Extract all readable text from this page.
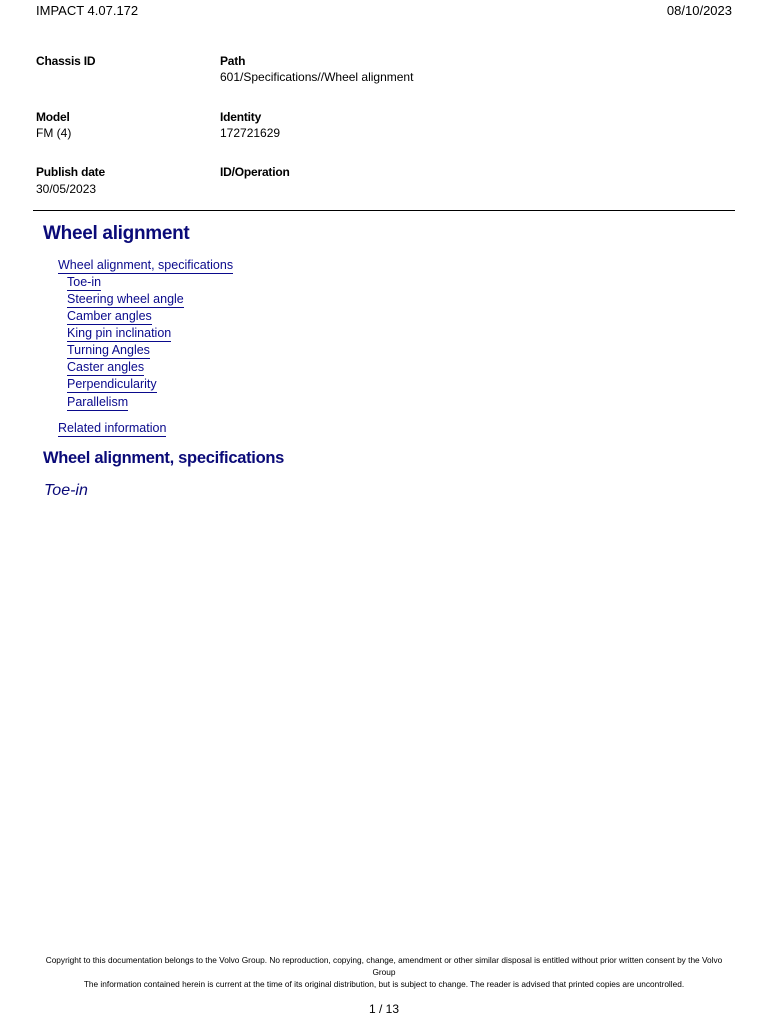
IMPACT 4.07.172	08/10/2023
Chassis ID	Path
601/Specifications//Wheel alignment
Model
FM (4)
Identity
172721629
Publish date
30/05/2023
ID/Operation
Wheel alignment
Wheel alignment, specifications
Toe-in
Steering wheel angle
Camber angles
King pin inclination
Turning Angles
Caster angles
Perpendicularity
Parallelism
Related information
Wheel alignment, specifications
Toe-in
Copyright to this documentation belongs to the Volvo Group. No reproduction, copying, change, amendment or other similar disposal is entitled without prior written consent by the Volvo Group
The information contained herein is current at the time of its original distribution, but is subject to change. The reader is advised that printed copies are uncontrolled.
1 / 13
